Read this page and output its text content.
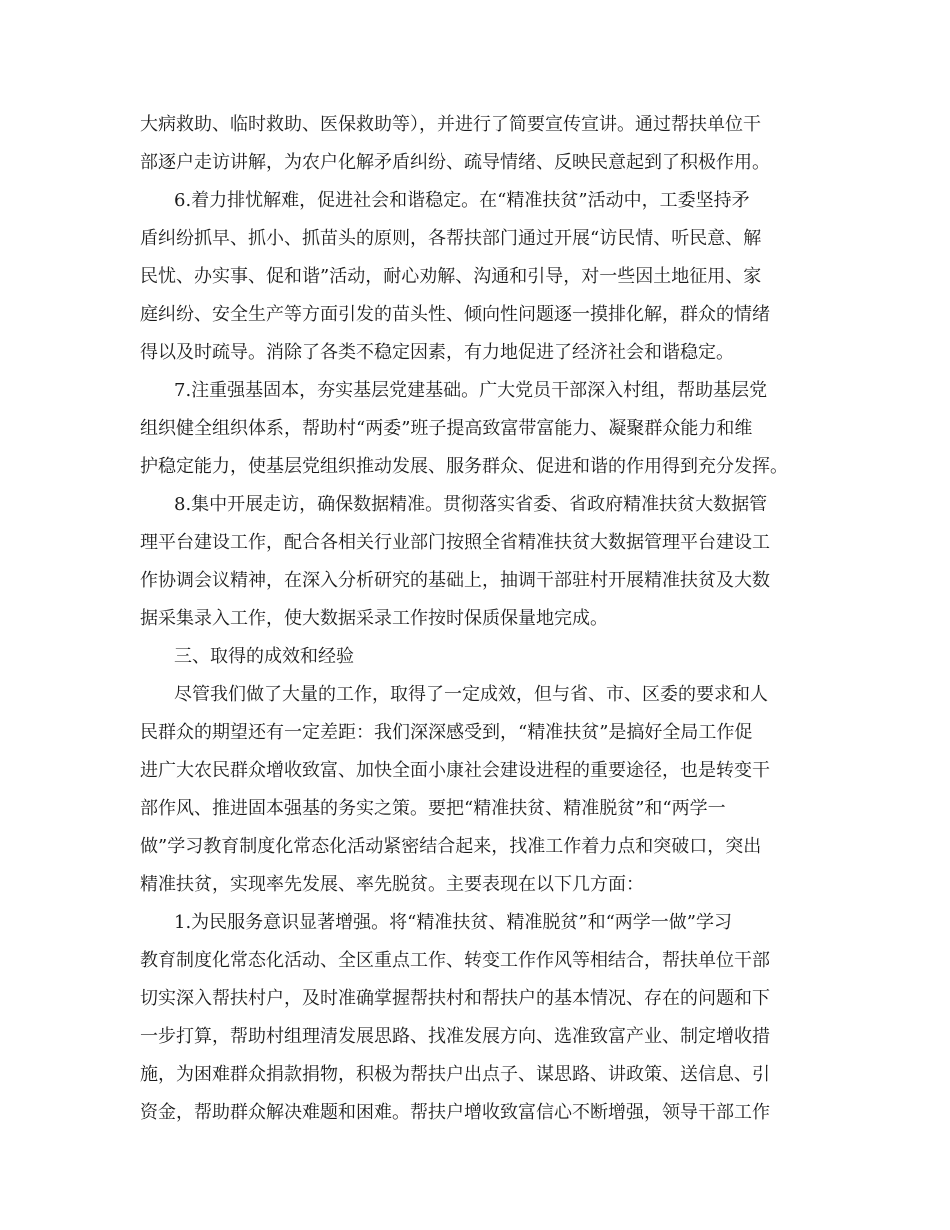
大病救助、临时救助、医保救助等），并进行了简要宣传宣讲。通过帮扶单位干
部逐户走访讲解，为农户化解矛盾纠纷、疏导情绪、反映民意起到了积极作用。
6.着力排忧解难，促进社会和谐稳定。在“精准扶贫”活动中，工委坚持矛
盾纠纷抓早、抓小、抓苗头的原则，各帮扶部门通过开展“访民情、听民意、解
民忧、办实事、促和谐”活动，耐心劝解、沟通和引导，对一些因土地征用、家
庭纠纷、安全生产等方面引发的苗头性、倾向性问题逐一摸排化解，群众的情绪
得以及时疏导。消除了各类不稳定因素，有力地促进了经济社会和谐稳定。
7.注重强基固本，夯实基层党建基础。广大党员干部深入村组，帮助基层党
组织健全组织体系，帮助村“两委”班子提高致富带富能力、凝聚群众能力和维
护稳定能力，使基层党组织推动发展、服务群众、促进和谐的作用得到充分发挥。
8.集中开展走访，确保数据精准。贯彻落实省委、省政府精准扶贫大数据管
理平台建设工作，配合各相关行业部门按照全省精准扶贫大数据管理平台建设工
作协调会议精神，在深入分析研究的基础上，抽调干部驻村开展精准扶贫及大数
据采集录入工作，使大数据采录工作按时保质保量地完成。
三、取得的成效和经验
尽管我们做了大量的工作，取得了一定成效，但与省、市、区委的要求和人
民群众的期望还有一定差距：我们深深感受到，“精准扶贫”是搞好全局工作促
进广大农民群众增收致富、加快全面小康社会建设进程的重要途径，也是转变干
部作风、推进固本强基的务实之策。要把“精准扶贫、精准脱贫”和“两学一
做”学习教育制度化常态化活动紧密结合起来，找准工作着力点和突破口，突出
精准扶贫，实现率先发展、率先脱贫。主要表现在以下几方面：
1.为民服务意识显著增强。将“精准扶贫、精准脱贫”和“两学一做”学习
教育制度化常态化活动、全区重点工作、转变工作作风等相结合，帮扶单位干部
切实深入帮扶村户，及时准确掌握帮扶村和帮扶户的基本情况、存在的问题和下
一步打算，帮助村组理清发展思路、找准发展方向、选准致富产业、制定增收措
施，为困难群众捐款捐物，积极为帮扶户出点子、谋思路、讲政策、送信息、引
资金，帮助群众解决难题和困难。帮扶户增收致富信心不断增强，领导干部工作
